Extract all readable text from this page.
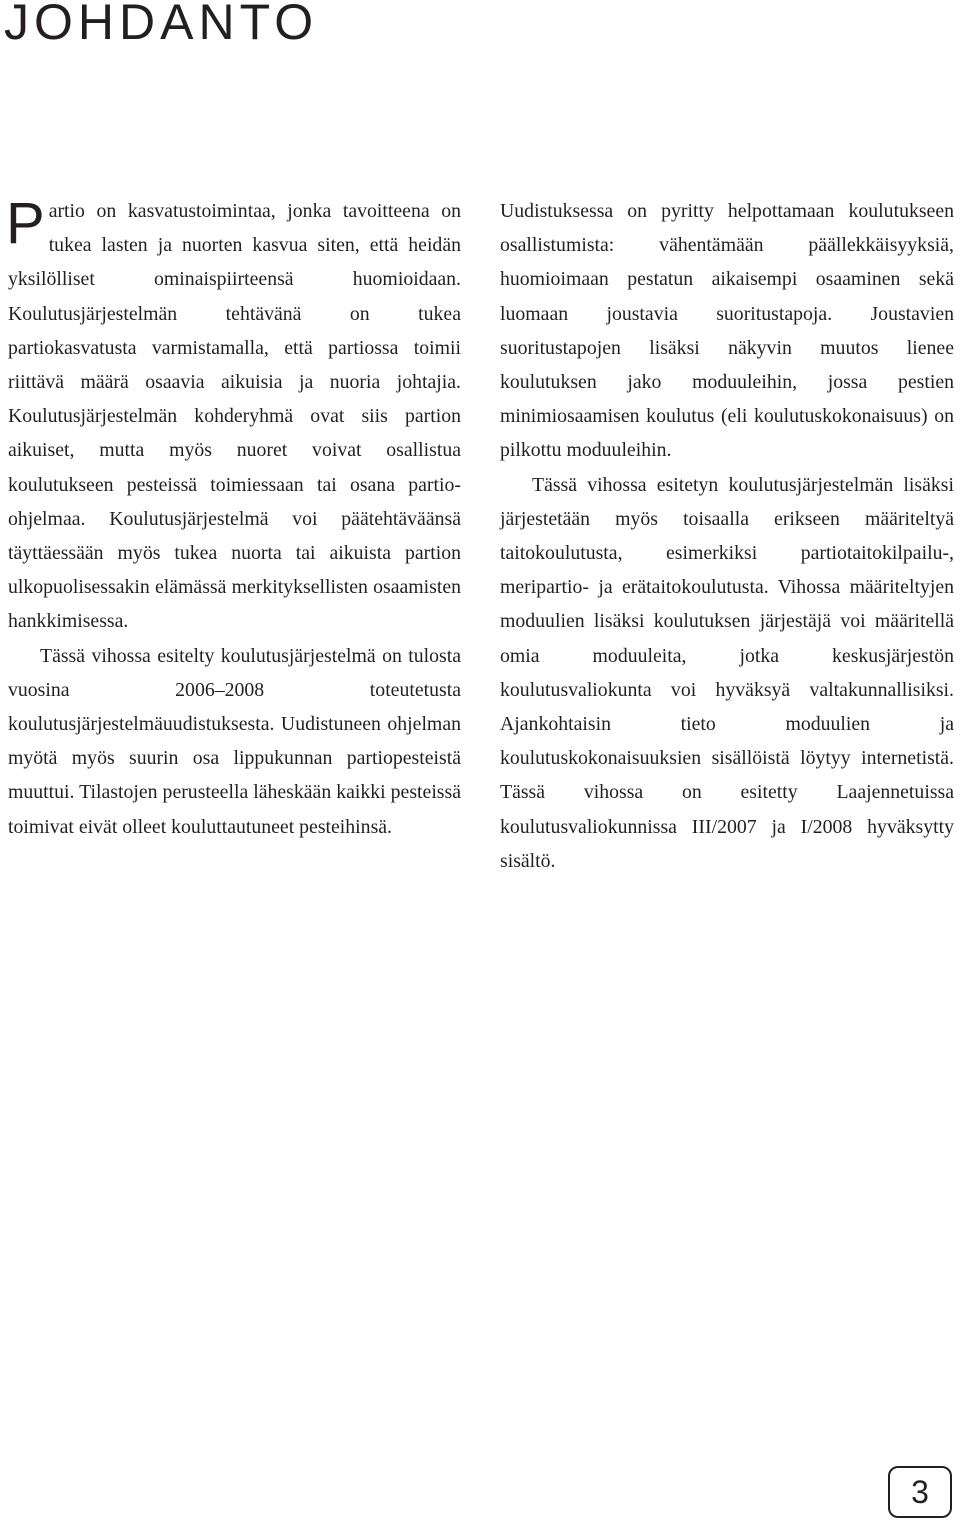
JOHDANTO

Partio on kasvatustoimintaa, jonka tavoitteena on tukea lasten ja nuorten kasvua siten, että heidän yksilölliset ominaispiirteensä huomioidaan. Koulutusjärjestelmän tehtävänä on tukea partiokasvatusta varmistamalla, että partiossa toimii riittävä määrä osaavia aikuisia ja nuoria johtajia. Koulutusjärjestelmän kohderyhmä ovat siis partion aikuiset, mutta myös nuoret voivat osallistua koulutukseen pesteissä toimiessaan tai osana partio-ohjelmaa. Koulutusjärjestelmä voi päätehtäväänsä täyttäessään myös tukea nuorta tai aikuista partion ulkopuolisessakin elämässä merkityksellisten osaamisten hankkimisessa.

Tässä vihossa esitelty koulutusjärjestelmä on tulosta vuosina 2006–2008 toteutetusta koulutusjärjestelmäuudistuksesta. Uudistuneen ohjelman myötä myös suurin osa lippukunnan partiopesteistä muuttui. Tilastojen perusteella läheskään kaikki pesteissä toimivat eivät olleet kouluttautuneet pesteihinsä.

Uudistuksessa on pyritty helpottamaan koulutukseen osallistumista: vähentämään päällekkäisyyksiä, huomioimaan pestatun aikaisempi osaaminen sekä luomaan joustavia suoritustapoja. Joustavien suoritustapojen lisäksi näkyvin muutos lienee koulutuksen jako moduuleihin, jossa pestien minimiosaamisen koulutus (eli koulutuskokonaisuus) on pilkottu moduuleihin.

Tässä vihossa esitetyn koulutusjärjestelmän lisäksi järjestetään myös toisaalla erikseen määriteltyä taitokoulutusta, esimerkiksi partiotaitokilpailu-, meripartio- ja erätaitokoulutusta. Vihossa määriteltyjen moduulien lisäksi koulutuksen järjestäjä voi määritellä omia moduuleita, jotka keskusjärjestön koulutusvaliokunta voi hyväksyä valtakunnallisiksi. Ajankohtaisin tieto moduulien ja koulutuskokonaisuuksien sisällöistä löytyy internetistä. Tässä vihossa on esitetty Laajennetuissa koulutusvaliokunnissa III/2007 ja I/2008 hyväksytty sisältö.

3
